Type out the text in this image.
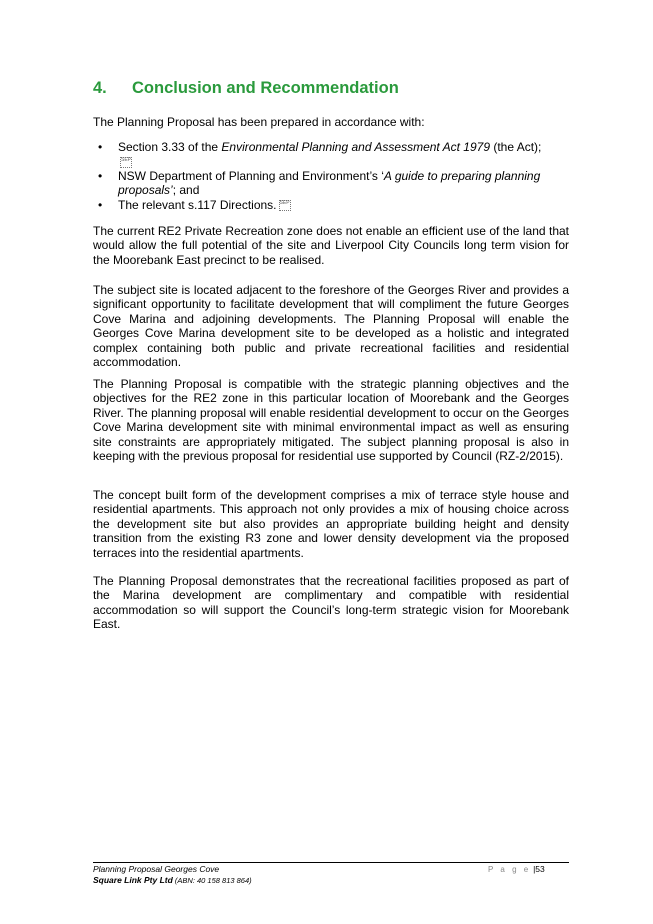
4. Conclusion and Recommendation

The Planning Proposal has been prepared in accordance with:

• Section 3.33 of the Environmental Planning and Assessment Act 1979 (the Act);
SEP
• NSW Department of Planning and Environment’s ‘A guide to preparing planning proposals’; and
• The relevant s.117 Directions. SEP

The current RE2 Private Recreation zone does not enable an efficient use of the land that would allow the full potential of the site and Liverpool City Councils long term vision for the Moorebank East precinct to be realised.

The subject site is located adjacent to the foreshore of the Georges River and provides a significant opportunity to facilitate development that will compliment the future Georges Cove Marina and adjoining developments. The Planning Proposal will enable the Georges Cove Marina development site to be developed as a holistic and integrated complex containing both public and private recreational facilities and residential accommodation.

The Planning Proposal is compatible with the strategic planning objectives and the objectives for the RE2 zone in this particular location of Moorebank and the Georges River. The planning proposal will enable residential development to occur on the Georges Cove Marina development site with minimal environmental impact as well as ensuring site constraints are appropriately mitigated. The subject planning proposal is also in keeping with the previous proposal for residential use supported by Council (RZ-2/2015).

The concept built form of the development comprises a mix of terrace style house and residential apartments. This approach not only provides a mix of housing choice across the development site but also provides an appropriate building height and density transition from the existing R3 zone and lower density development via the proposed terraces into the residential apartments.

The Planning Proposal demonstrates that the recreational facilities proposed as part of the Marina development are complimentary and compatible with residential accommodation so will support the Council’s long-term strategic vision for Moorebank East.

Planning Proposal Georges Cove
Square Link Pty Ltd (ABN: 40 158 813 864)
P a g e |53
